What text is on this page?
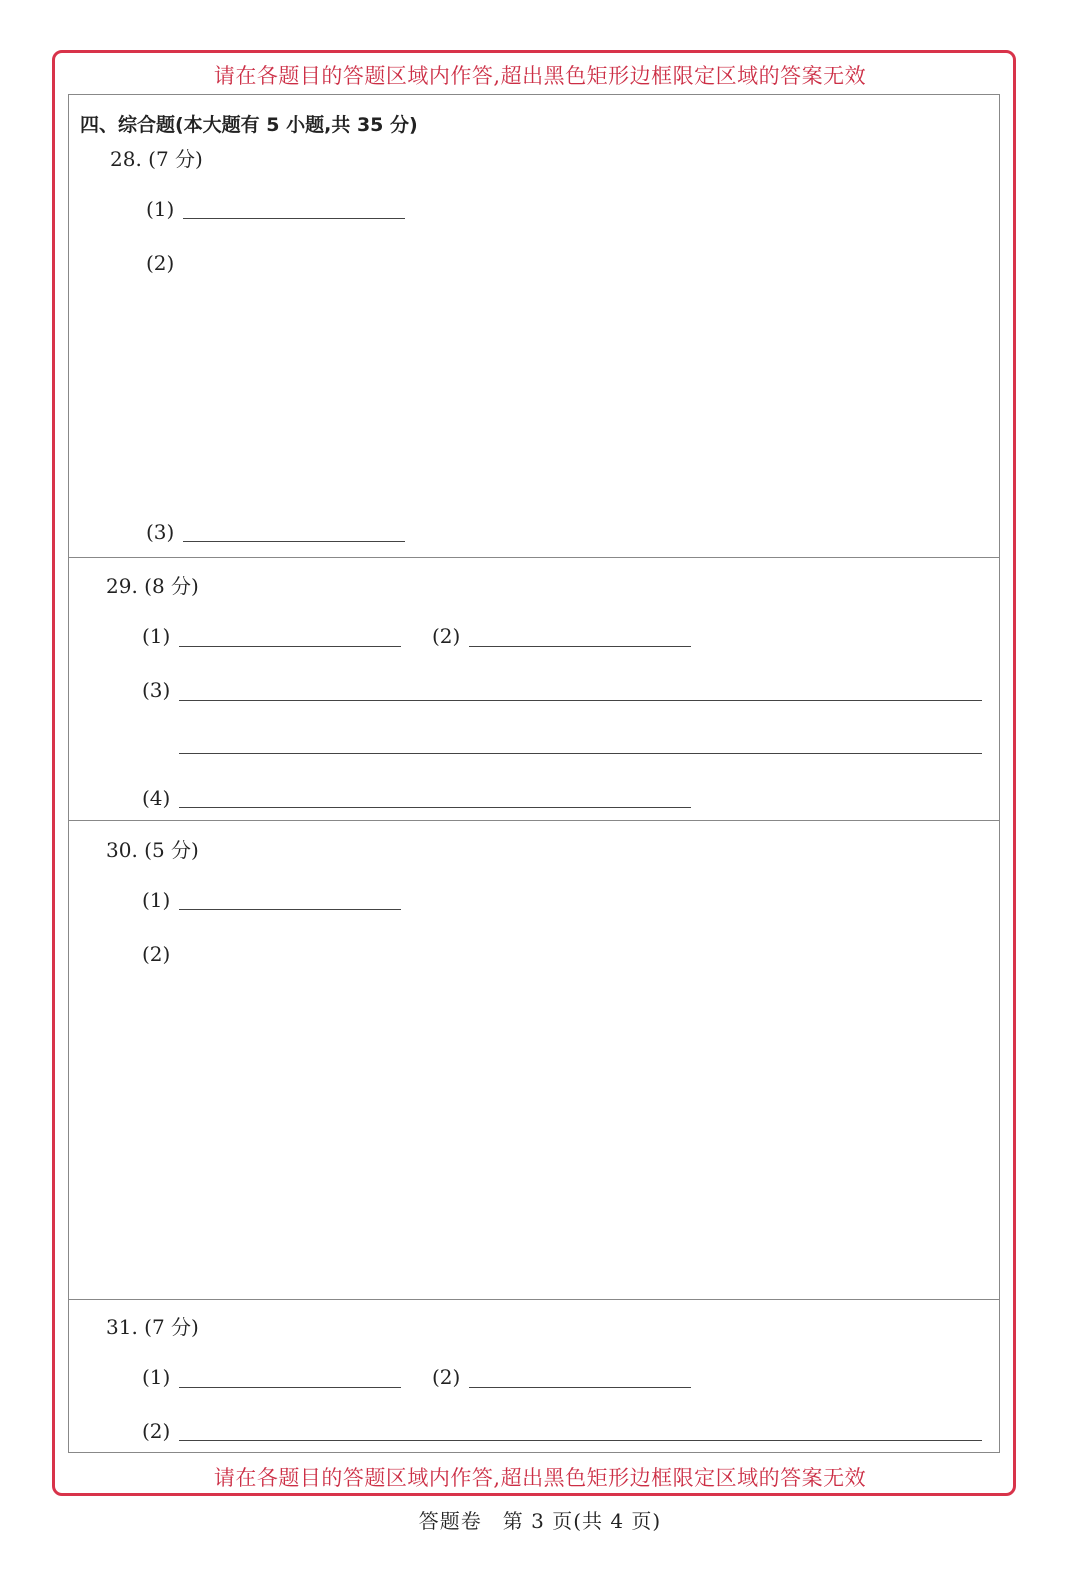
请在各题目的答题区域内作答,超出黑色矩形边框限定区域的答案无效
四、综合题(本大题有 5 小题,共 35 分)
28. (7 分)
(1)
(2)
(3)
29. (8 分)
(1)	(2)
(3)
(4)
30. (5 分)
(1)
(2)
31. (7 分)
(1)	(2)
(2)
请在各题目的答题区域内作答,超出黑色矩形边框限定区域的答案无效
答题卷　第 3 页(共 4 页)
